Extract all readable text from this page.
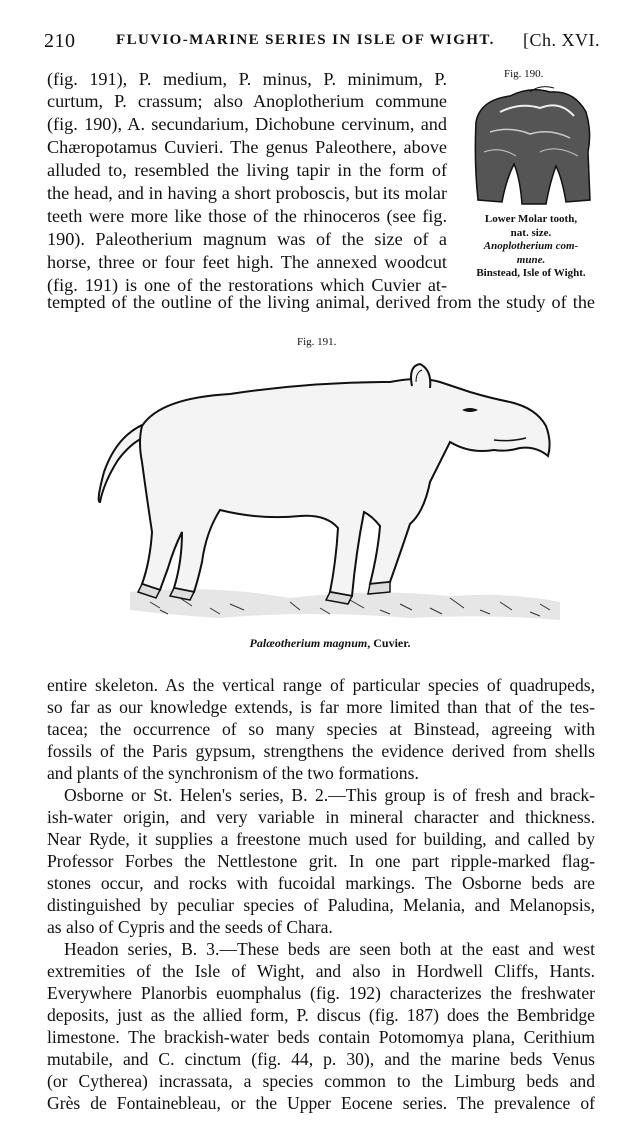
210	FLUVIO-MARINE SERIES IN ISLE OF WIGHT. [Ch. XVI.
Fig. 190.
Lower Molar tooth,
nat. size.
Anoplotherium com-
mune.
Binstead, Isle of Wight.
(fig. 191), P. medium, P. minus, P. minimum, P.
curtum, P. crassum; also Anoplotherium commune
(fig. 190), A. secundarium, Dichobune cervinum, and
Chæropotamus Cuvieri. The genus Paleothere, above
alluded to, resembled the living tapir in the form of
the head, and in having a short proboscis, but its molar
teeth were more like those of the rhinoceros (see fig.
190). Paleotherium magnum was of the size of a
horse, three or four feet high. The annexed woodcut
(fig. 191) is one of the restorations which Cuvier at-
tempted of the outline of the living animal, derived from the study of the
Fig. 191.
Palæotherium magnum, Cuvier.
entire skeleton. As the vertical range of particular species of quadrupeds,
so far as our knowledge extends, is far more limited than that of the tes-
tacea; the occurrence of so many species at Binstead, agreeing with
fossils of the Paris gypsum, strengthens the evidence derived from shells
and plants of the synchronism of the two formations.
Osborne or St. Helen's series, B. 2.—This group is of fresh and brack-
ish-water origin, and very variable in mineral character and thickness.
Near Ryde, it supplies a freestone much used for building, and called by
Professor Forbes the Nettlestone grit. In one part ripple-marked flag-
stones occur, and rocks with fucoidal markings. The Osborne beds are
distinguished by peculiar species of Paludina, Melania, and Melanopsis,
as also of Cypris and the seeds of Chara.
Headon series, B. 3.—These beds are seen both at the east and west
extremities of the Isle of Wight, and also in Hordwell Cliffs, Hants.
Everywhere Planorbis euomphalus (fig. 192) characterizes the freshwater
deposits, just as the allied form, P. discus (fig. 187) does the Bembridge
limestone. The brackish-water beds contain Potomomya plana, Cerithium
mutabile, and C. cinctum (fig. 44, p. 30), and the marine beds Venus
(or Cytherea) incrassata, a species common to the Limburg beds and
Grès de Fontainebleau, or the Upper Eocene series. The prevalence of
